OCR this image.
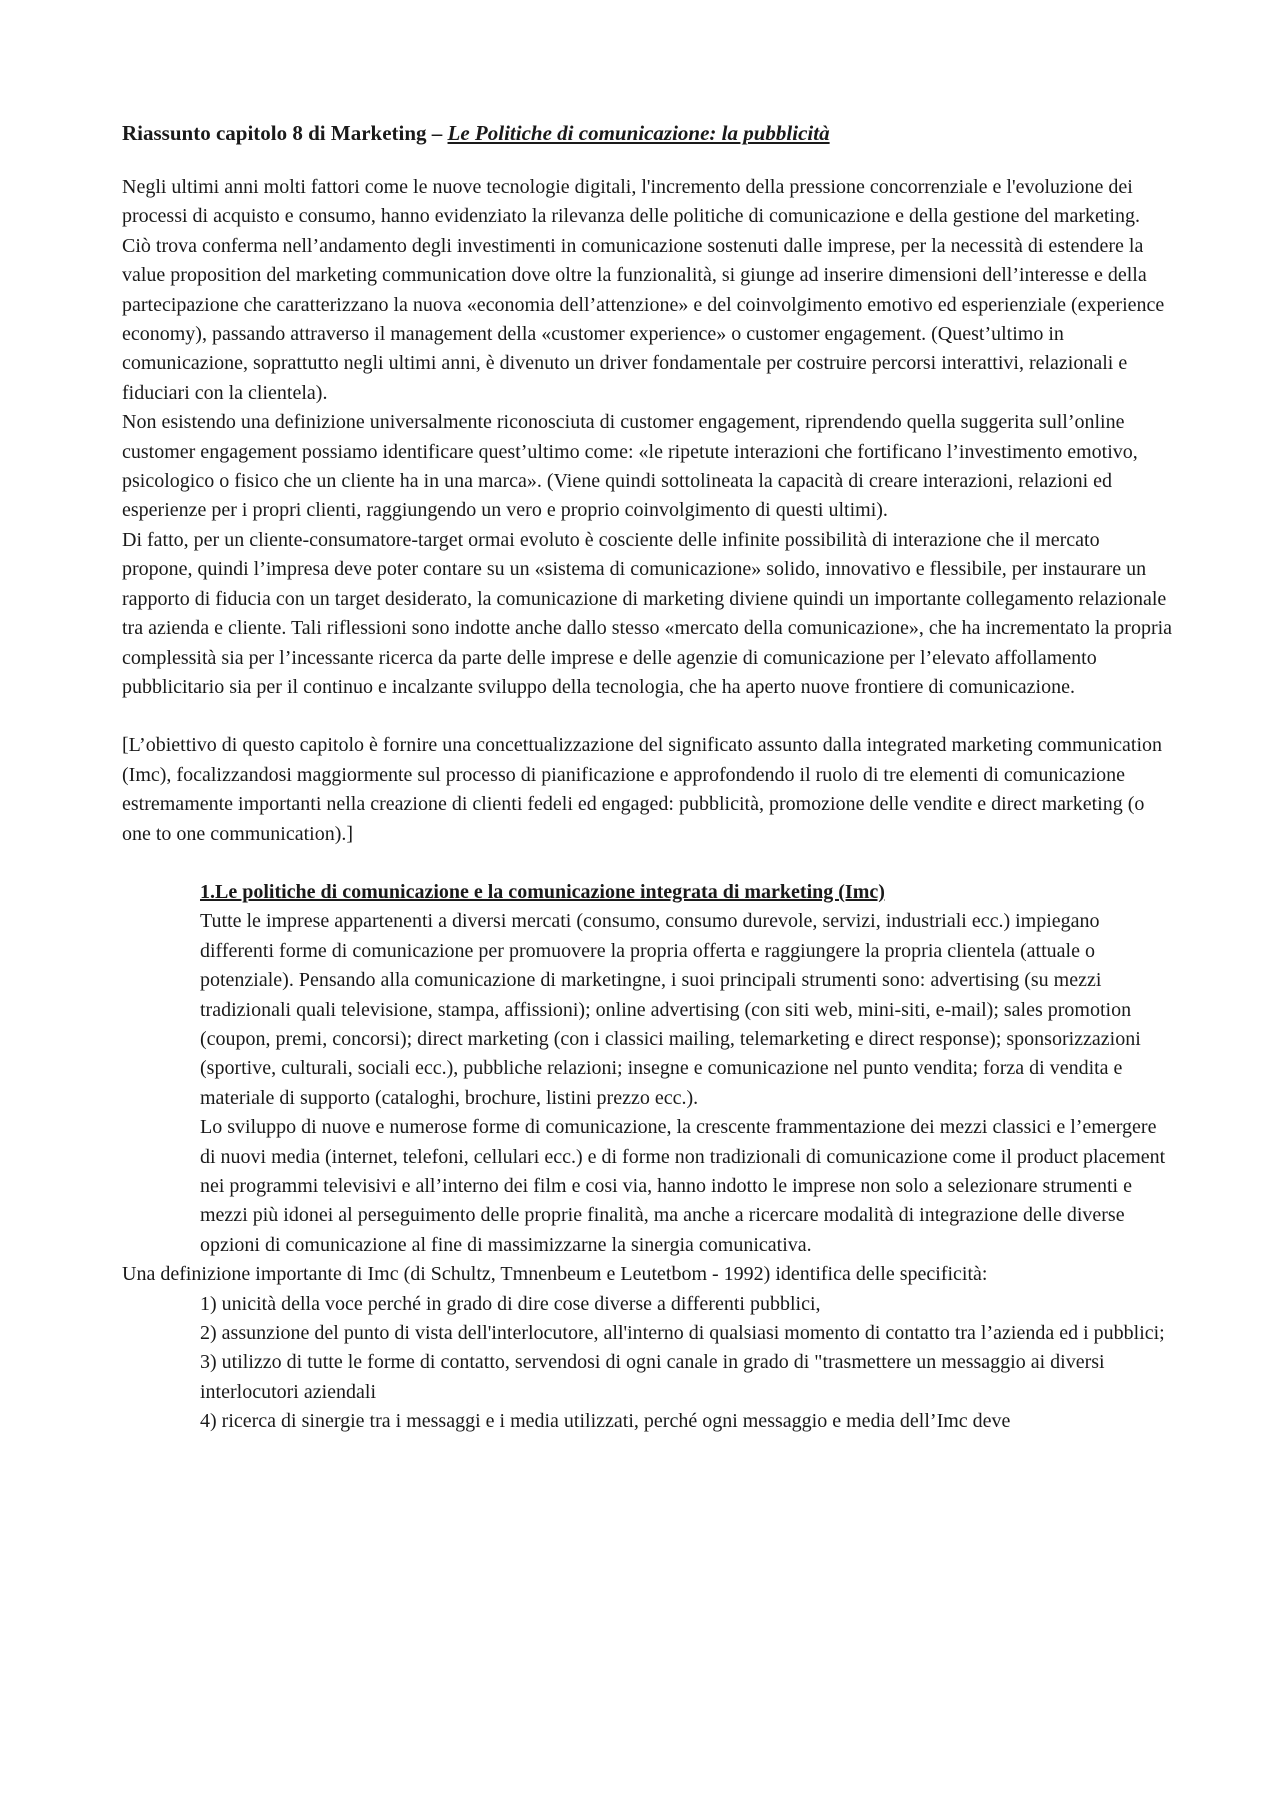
Riassunto capitolo 8 di Marketing – Le Politiche di comunicazione: la pubblicità

Negli ultimi anni molti fattori come le nuove tecnologie digitali, l'incremento della pressione concorrenziale e l'evoluzione dei processi di acquisto e consumo, hanno evidenziato la rilevanza delle politiche di comunicazione e della gestione del marketing.

Ciò trova conferma nell’andamento degli investimenti in comunicazione sostenuti dalle imprese, per la necessità di estendere la value proposition del marketing communication dove oltre la funzionalità, si giunge ad inserire dimensioni dell’interesse e della partecipazione che caratterizzano la nuova «economia dell’attenzione» e del coinvolgimento emotivo ed esperienziale (experience economy), passando attraverso il management della «customer experience» o customer engagement. (Quest’ultimo in comunicazione, soprattutto negli ultimi anni, è divenuto un driver fondamentale per costruire percorsi interattivi, relazionali e fiduciari con la clientela).

Non esistendo una definizione universalmente riconosciuta di customer engagement, riprendendo quella suggerita sull’online customer engagement possiamo identificare quest’ultimo come: «le ripetute interazioni che fortificano l’investimento emotivo, psicologico o fisico che un cliente ha in una marca». (Viene quindi sottolineata la capacità di creare interazioni, relazioni ed esperienze per i propri clienti, raggiungendo un vero e proprio coinvolgimento di questi ultimi).

Di fatto, per un cliente-consumatore-target ormai evoluto è cosciente delle infinite possibilità di interazione che il mercato propone, quindi l’impresa deve poter contare su un «sistema di comunicazione» solido, innovativo e flessibile, per instaurare un rapporto di fiducia con un target desiderato, la comunicazione di marketing diviene quindi un importante collegamento relazionale tra azienda e cliente. Tali riflessioni sono indotte anche dallo stesso «mercato della comunicazione», che ha incrementato la propria complessità sia per l’incessante ricerca da parte delle imprese e delle agenzie di comunicazione per l’elevato affollamento pubblicitario sia per il continuo e incalzante sviluppo della tecnologia, che ha aperto nuove frontiere di comunicazione.

[L’obiettivo di questo capitolo è fornire una concettualizzazione del significato assunto dalla integrated marketing communication (Imc), focalizzandosi maggiormente sul processo di pianificazione e approfondendo il ruolo di tre elementi di comunicazione estremamente importanti nella creazione di clienti fedeli ed engaged: pubblicità, promozione delle vendite e direct marketing (o one to one communication).]

1.Le politiche di comunicazione e la comunicazione integrata di marketing (Imc)

Tutte le imprese appartenenti a diversi mercati (consumo, consumo durevole, servizi, industriali ecc.) impiegano differenti forme di comunicazione per promuovere la propria offerta e raggiungere la propria clientela (attuale o potenziale). Pensando alla comunicazione di marketingne, i suoi principali strumenti sono: advertising (su mezzi tradizionali quali televisione, stampa, affissioni); online advertising (con siti web, mini-siti, e-mail); sales promotion (coupon, premi, concorsi); direct marketing (con i classici mailing, telemarketing e direct response); sponsorizzazioni (sportive, culturali, sociali ecc.), pubbliche relazioni; insegne e comunicazione nel punto vendita; forza di vendita e materiale di supporto (cataloghi, brochure, listini prezzo ecc.).

Lo sviluppo di nuove e numerose forme di comunicazione, la crescente frammentazione dei mezzi classici e l’emergere di nuovi media (internet, telefoni, cellulari ecc.) e di forme non tradizionali di comunicazione come il product placement nei programmi televisivi e all’interno dei film e cosi via, hanno indotto le imprese non solo a selezionare strumenti e mezzi più idonei al perseguimento delle proprie finalità, ma anche a ricercare modalità di integrazione delle diverse opzioni di comunicazione al fine di massimizzarne la sinergia comunicativa.

Una definizione importante di Imc (di Schultz, Tmnenbeum e Leutetbom - 1992) identifica delle specificità:

1) unicità della voce perché in grado di dire cose diverse a differenti pubblici,
2) assunzione del punto di vista dell'interlocutore, all'interno di qualsiasi momento di contatto tra l’azienda ed i pubblici;
3) utilizzo di tutte le forme di contatto, servendosi di ogni canale in grado di "trasmettere un messaggio ai diversi interlocutori aziendali
4) ricerca di sinergie tra i messaggi e i media utilizzati, perché ogni messaggio e media dell’Imc deve
